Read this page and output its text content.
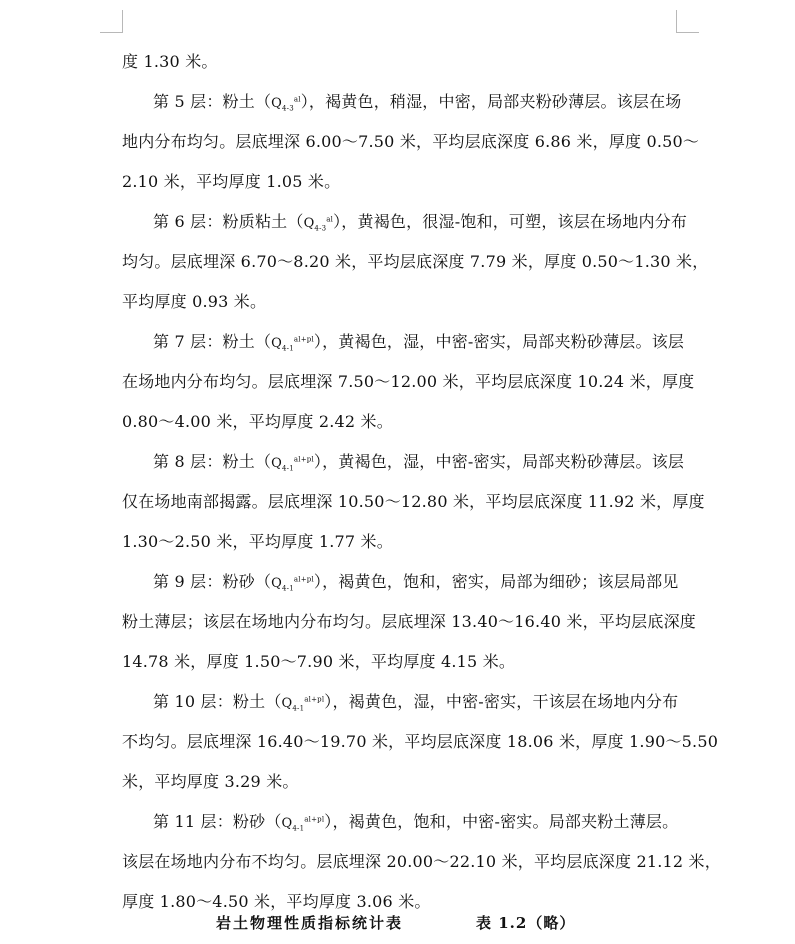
度 1.30 米。
第 5 层：粉土$(Q_{4-3}^{al})$，褐黄色，稍湿，中密，局部夹粉砂薄层。该层在场
地内分布均匀。层底埋深 6.00～7.50 米，平均层底深度 6.86 米，厚度 0.50～
2.10 米，平均厚度 1.05 米。
第 6 层：粉质粘土$(Q_{4-3}^{al})$，黄褐色，很湿-饱和，可塑，该层在场地内分布
均匀。层底埋深 6.70～8.20 米，平均层底深度 7.79 米，厚度 0.50～1.30 米，
平均厚度 0.93 米。
第 7 层：粉土$(Q_{4-1}^{al+pl})$，黄褐色，湿，中密-密实，局部夹粉砂薄层。该层
在场地内分布均匀。层底埋深 7.50～12.00 米，平均层底深度 10.24 米，厚度
0.80～4.00 米，平均厚度 2.42 米。
第 8 层：粉土$(Q_{4-1}^{al+pl})$，黄褐色，湿，中密-密实，局部夹粉砂薄层。该层
仅在场地南部揭露。层底埋深 10.50～12.80 米，平均层底深度 11.92 米，厚度
1.30～2.50 米，平均厚度 1.77 米。
第 9 层：粉砂$(Q_{4-1}^{al+pl})$，褐黄色，饱和，密实，局部为细砂；该层局部见
粉土薄层；该层在场地内分布均匀。层底埋深 13.40～16.40 米，平均层底深度
14.78 米，厚度 1.50～7.90 米，平均厚度 4.15 米。
第 10 层：粉土$(Q_{4-1}^{al+pl})$，褐黄色，湿，中密-密实，干该层在场地内分布
不均匀。层底埋深 16.40～19.70 米，平均层底深度 18.06 米，厚度 1.90～5.50
米，平均厚度 3.29 米。
第 11 层：粉砂$(Q_{4-1}^{al+pl})$，褐黄色，饱和，中密-密实。局部夹粉土薄层。
该层在场地内分布不均匀。层底埋深 20.00～22.10 米，平均层底深度 21.12 米，
厚度 1.80～4.50 米，平均厚度 3.06 米。
岩土物理性质指标统计表	表 1.2（略）
